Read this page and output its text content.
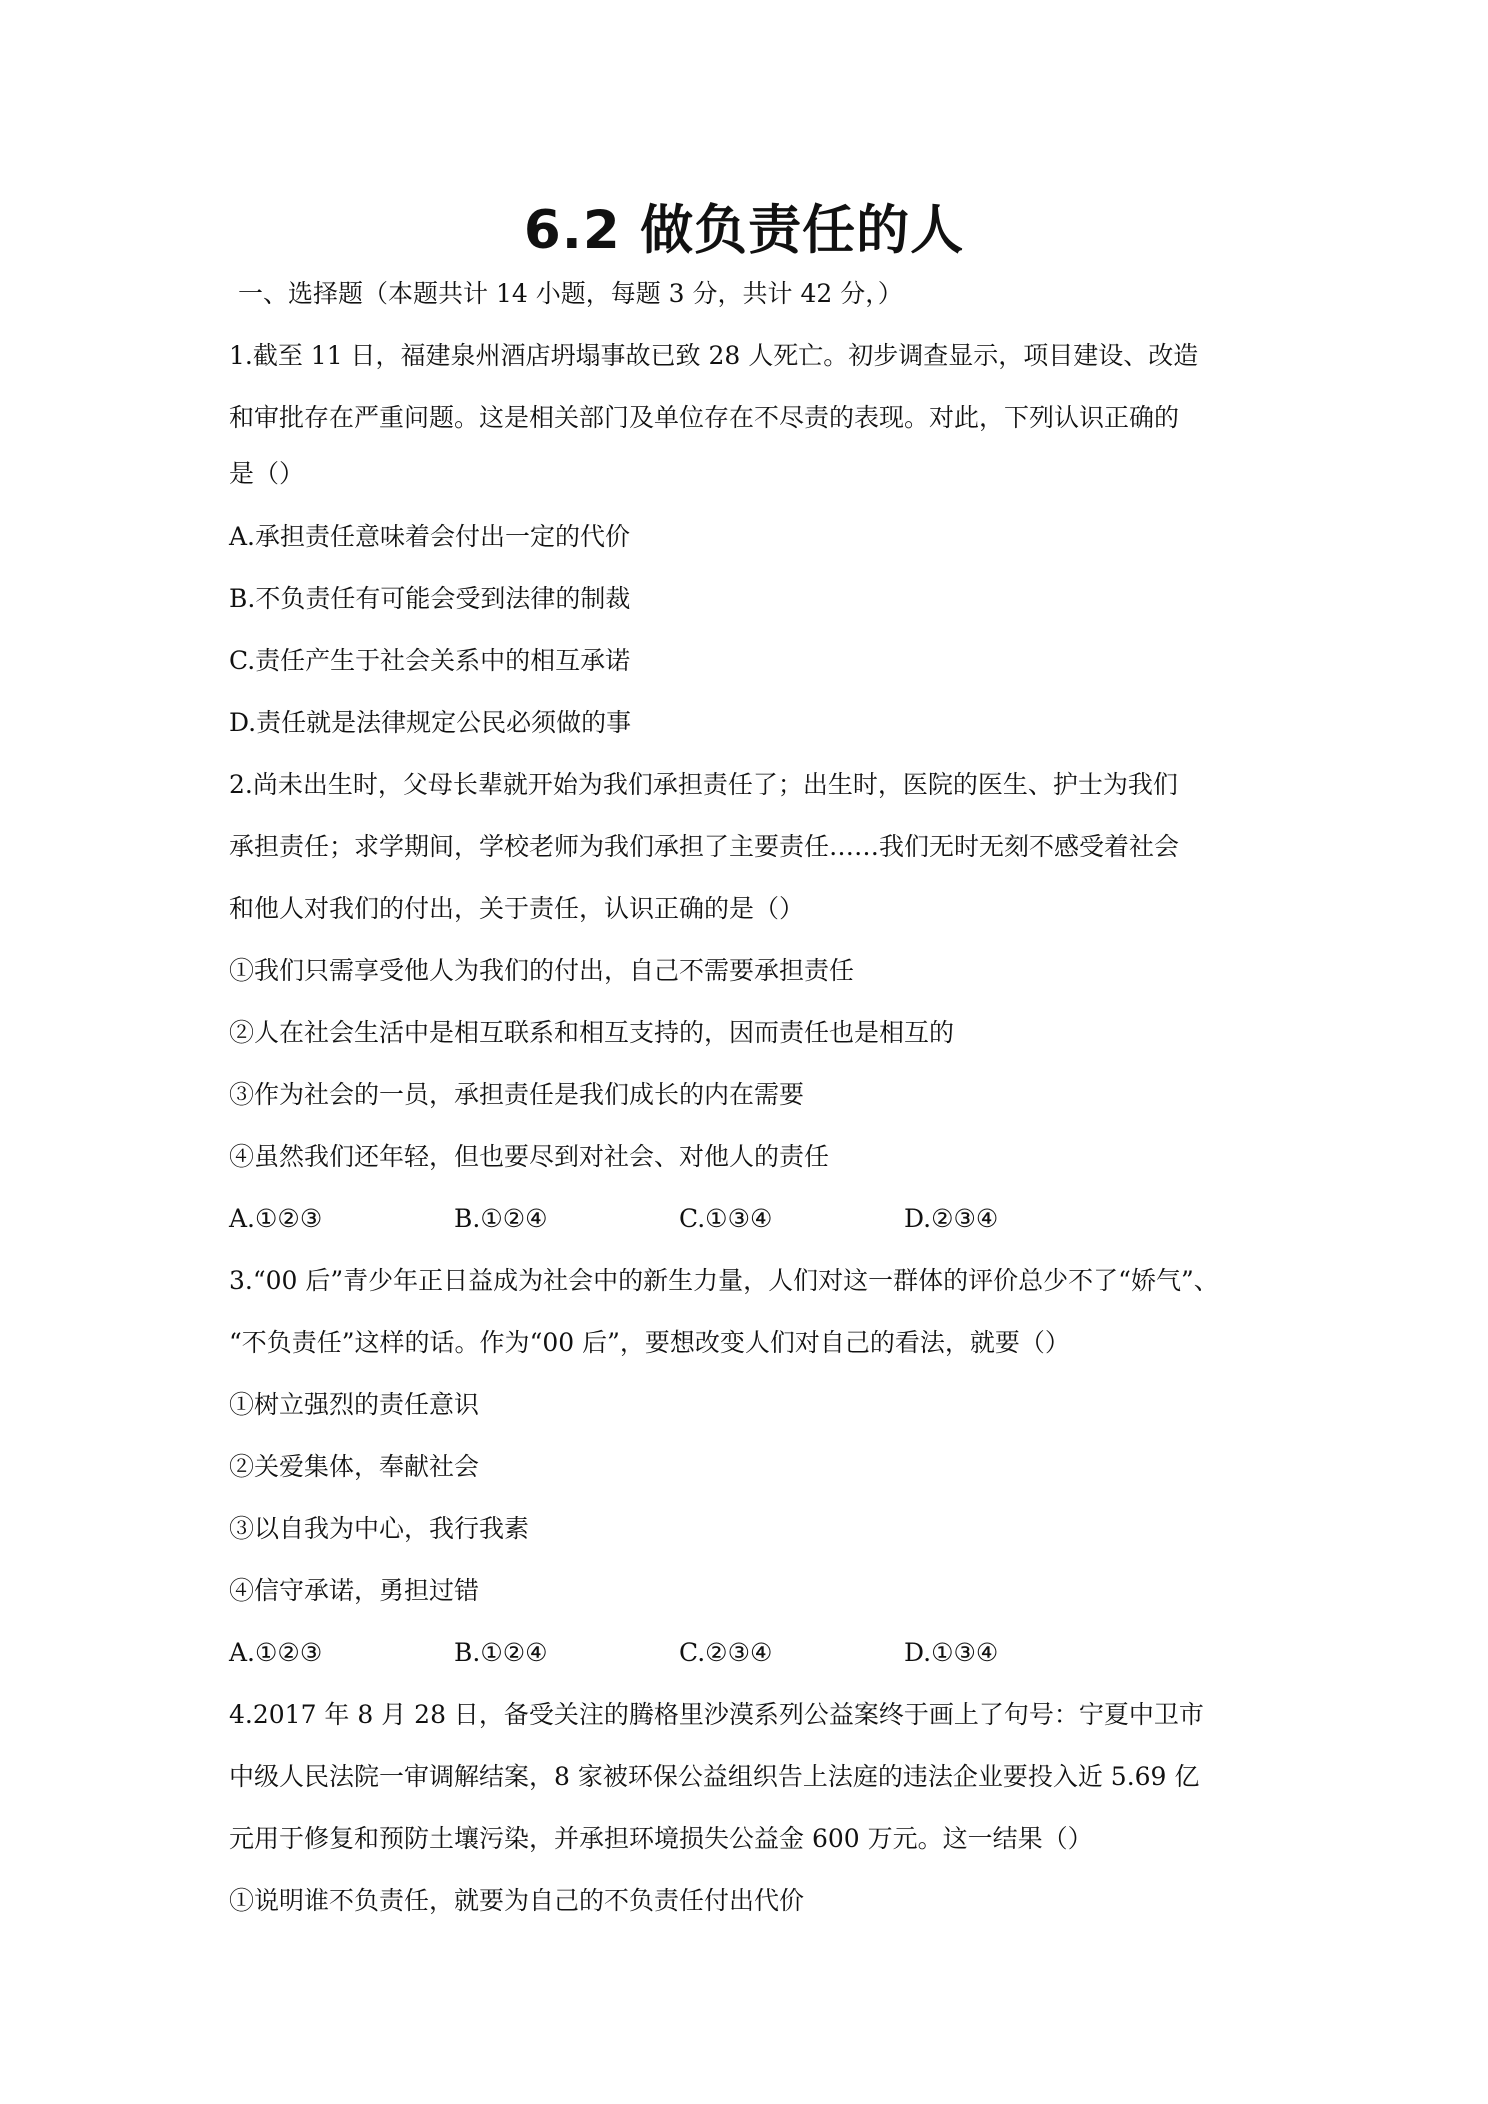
6.2 做负责任的人
一、选择题（本题共计 14 小题，每题 3 分，共计 42 分，）
1.截至 11 日，福建泉州酒店坍塌事故已致 28 人死亡。初步调查显示，项目建设、改造
和审批存在严重问题。这是相关部门及单位存在不尽责的表现。对此，下列认识正确的
是（）
A.承担责任意味着会付出一定的代价
B.不负责任有可能会受到法律的制裁
C.责任产生于社会关系中的相互承诺
D.责任就是法律规定公民必须做的事
2.尚未出生时，父母长辈就开始为我们承担责任了；出生时，医院的医生、护士为我们
承担责任；求学期间，学校老师为我们承担了主要责任……我们无时无刻不感受着社会
和他人对我们的付出，关于责任，认识正确的是（）
①我们只需享受他人为我们的付出，自己不需要承担责任
②人在社会生活中是相互联系和相互支持的，因而责任也是相互的
③作为社会的一员，承担责任是我们成长的内在需要
④虽然我们还年轻，但也要尽到对社会、对他人的责任
A.①②③	B.①②④	C.①③④	D.②③④
3.“00 后”青少年正日益成为社会中的新生力量，人们对这一群体的评价总少不了“娇气”、
“不负责任”这样的话。作为“00 后”，要想改变人们对自己的看法，就要（）
①树立强烈的责任意识
②关爱集体，奉献社会
③以自我为中心，我行我素
④信守承诺，勇担过错
A.①②③	B.①②④	C.②③④	D.①③④
4.2017 年 8 月 28 日，备受关注的腾格里沙漠系列公益案终于画上了句号：宁夏中卫市
中级人民法院一审调解结案，8 家被环保公益组织告上法庭的违法企业要投入近 5.69 亿
元用于修复和预防土壤污染，并承担环境损失公益金 600 万元。这一结果（）
①说明谁不负责任，就要为自己的不负责任付出代价
